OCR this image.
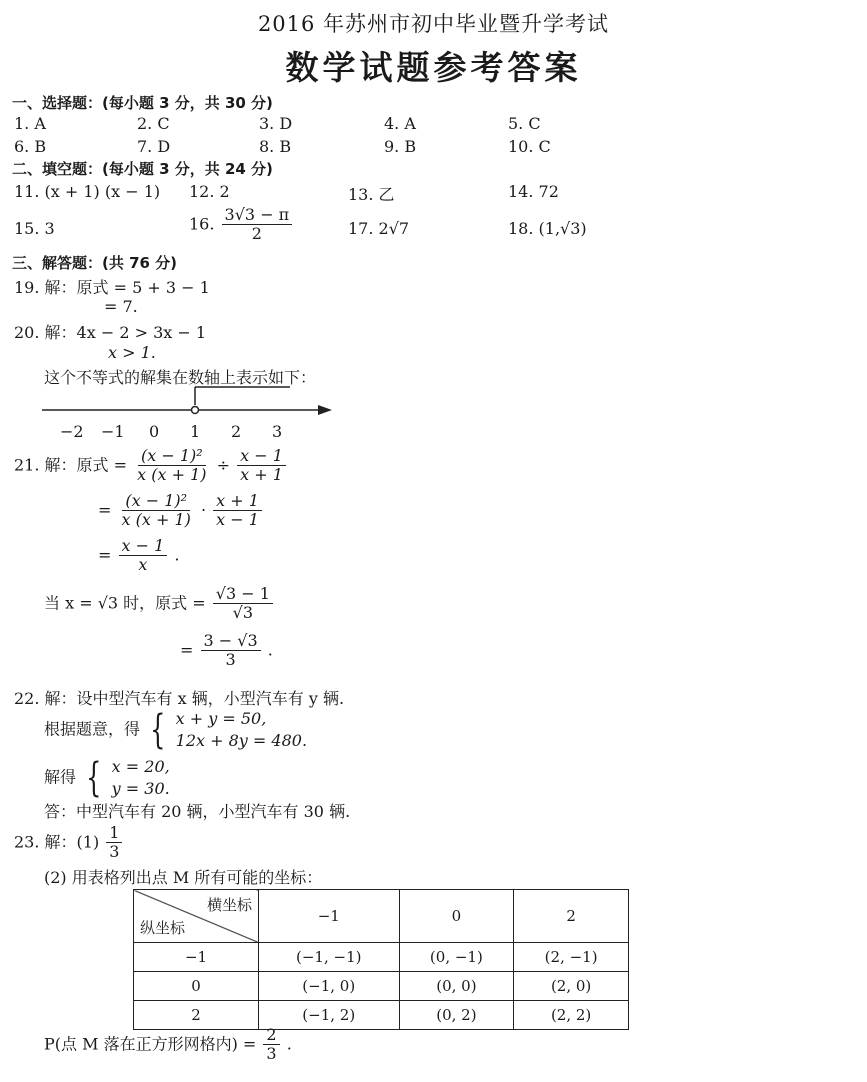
2016 年苏州市初中毕业暨升学考试
数学试题参考答案
一、选择题：(每小题 3 分，共 30 分)
1. A	2. C	3. D	4. A	5. C
6. B	7. D	8. B	9. B	10. C
二、填空题：(每小题 3 分，共 24 分)
11. (x + 1) (x − 1) 12. 2	13. 乙	14. 72
15. 3	16. $\frac{3√3 - \pi}{2}$	17. 2√7	18. (1,√3)
三、解答题：(共 76 分)
19. 解：原式 = 5 + 3 − 1
= 7.
20. 解：4x − 2 > 3x − 1
x > 1.
这个不等式的解集在数轴上表示如下：
−2 −1 0 1 2 3
21. 解：原式 = $\frac{\text{(x − 1)²}}{x (x + 1)} \div \frac{x - 1}{x + 1}$
= $\frac{\text{(x − 1)²}}{x (x + 1)} \cdot \frac{x + 1}{x - 1}$
= $\frac{x - 1}{x}$ .
当 x = √3 时，原式 = $\frac{√3 - 1}{√3}$
= $\frac{3 - √3}{3}$ .
22. 解：设中型汽车有 x 辆，小型汽车有 y 辆.
根据题意，得 { x + y = 50,
12x + 8y = 480.
解得 { x = 20,
y = 30.
答：中型汽车有 20 辆，小型汽车有 30 辆.
23. 解：$(1) \frac{1}{3}$
(2) 用表格列出点 M 所有可能的坐标：
横坐标
纵坐标	−1	0	2
−1	(−1, −1)	(0, −1)	(2, −1)
0	(−1, 0)	(0, 0)	(2, 0)
2	(−1, 2)	(0, 2)	(2, 2)
P(点 M 落在正方形网格内) = $\frac{2}{3}$ .
